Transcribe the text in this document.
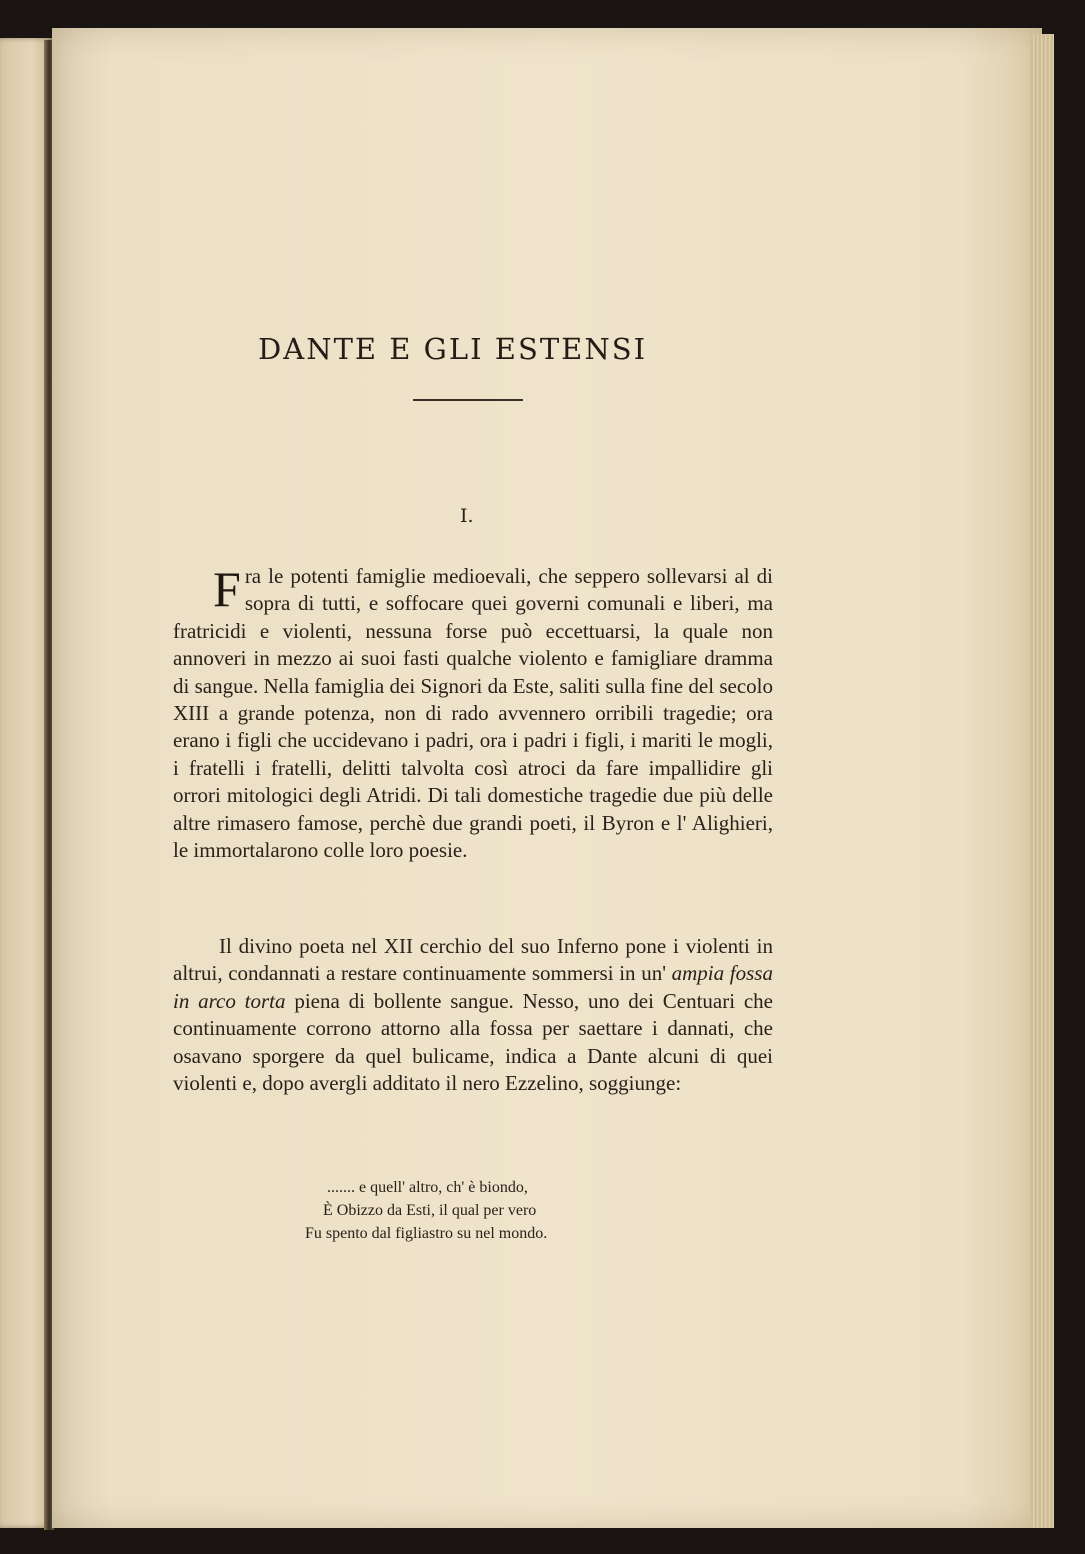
DANTE E GLI ESTENSI
I.
Fra le potenti famiglie medioevali, che seppero sollevarsi al di sopra di tutti, e soffocare quei governi comunali e liberi, ma fratricidi e violenti, nessuna forse può eccettuarsi, la quale non annoveri in mezzo ai suoi fasti qualche violento e famigliare dramma di sangue. Nella famiglia dei Signori da Este, saliti sulla fine del secolo XIII a grande potenza, non di rado avvennero orribili tragedie; ora erano i figli che uccidevano i padri, ora i padri i figli, i mariti le mogli, i fratelli i fratelli, delitti talvolta così atroci da fare impallidire gli orrori mitologici degli Atridi. Di tali domestiche tragedie due più delle altre rimasero famose, perchè due grandi poeti, il Byron e l' Alighieri, le immortalarono colle loro poesie.
Il divino poeta nel XII cerchio del suo Inferno pone i violenti in altrui, condannati a restare continuamente sommersi in un' ampia fossa in arco torta piena di bollente sangue. Nesso, uno dei Centuari che continuamente corrono attorno alla fossa per saettare i dannati, che osavano sporgere da quel bulicame, indica a Dante alcuni di quei violenti e, dopo avergli additato il nero Ezzelino, soggiunge:
....... e quell' altro, ch' è biondo,
È Obizzo da Esti, il qual per vero
Fu spento dal figliastro su nel mondo.
